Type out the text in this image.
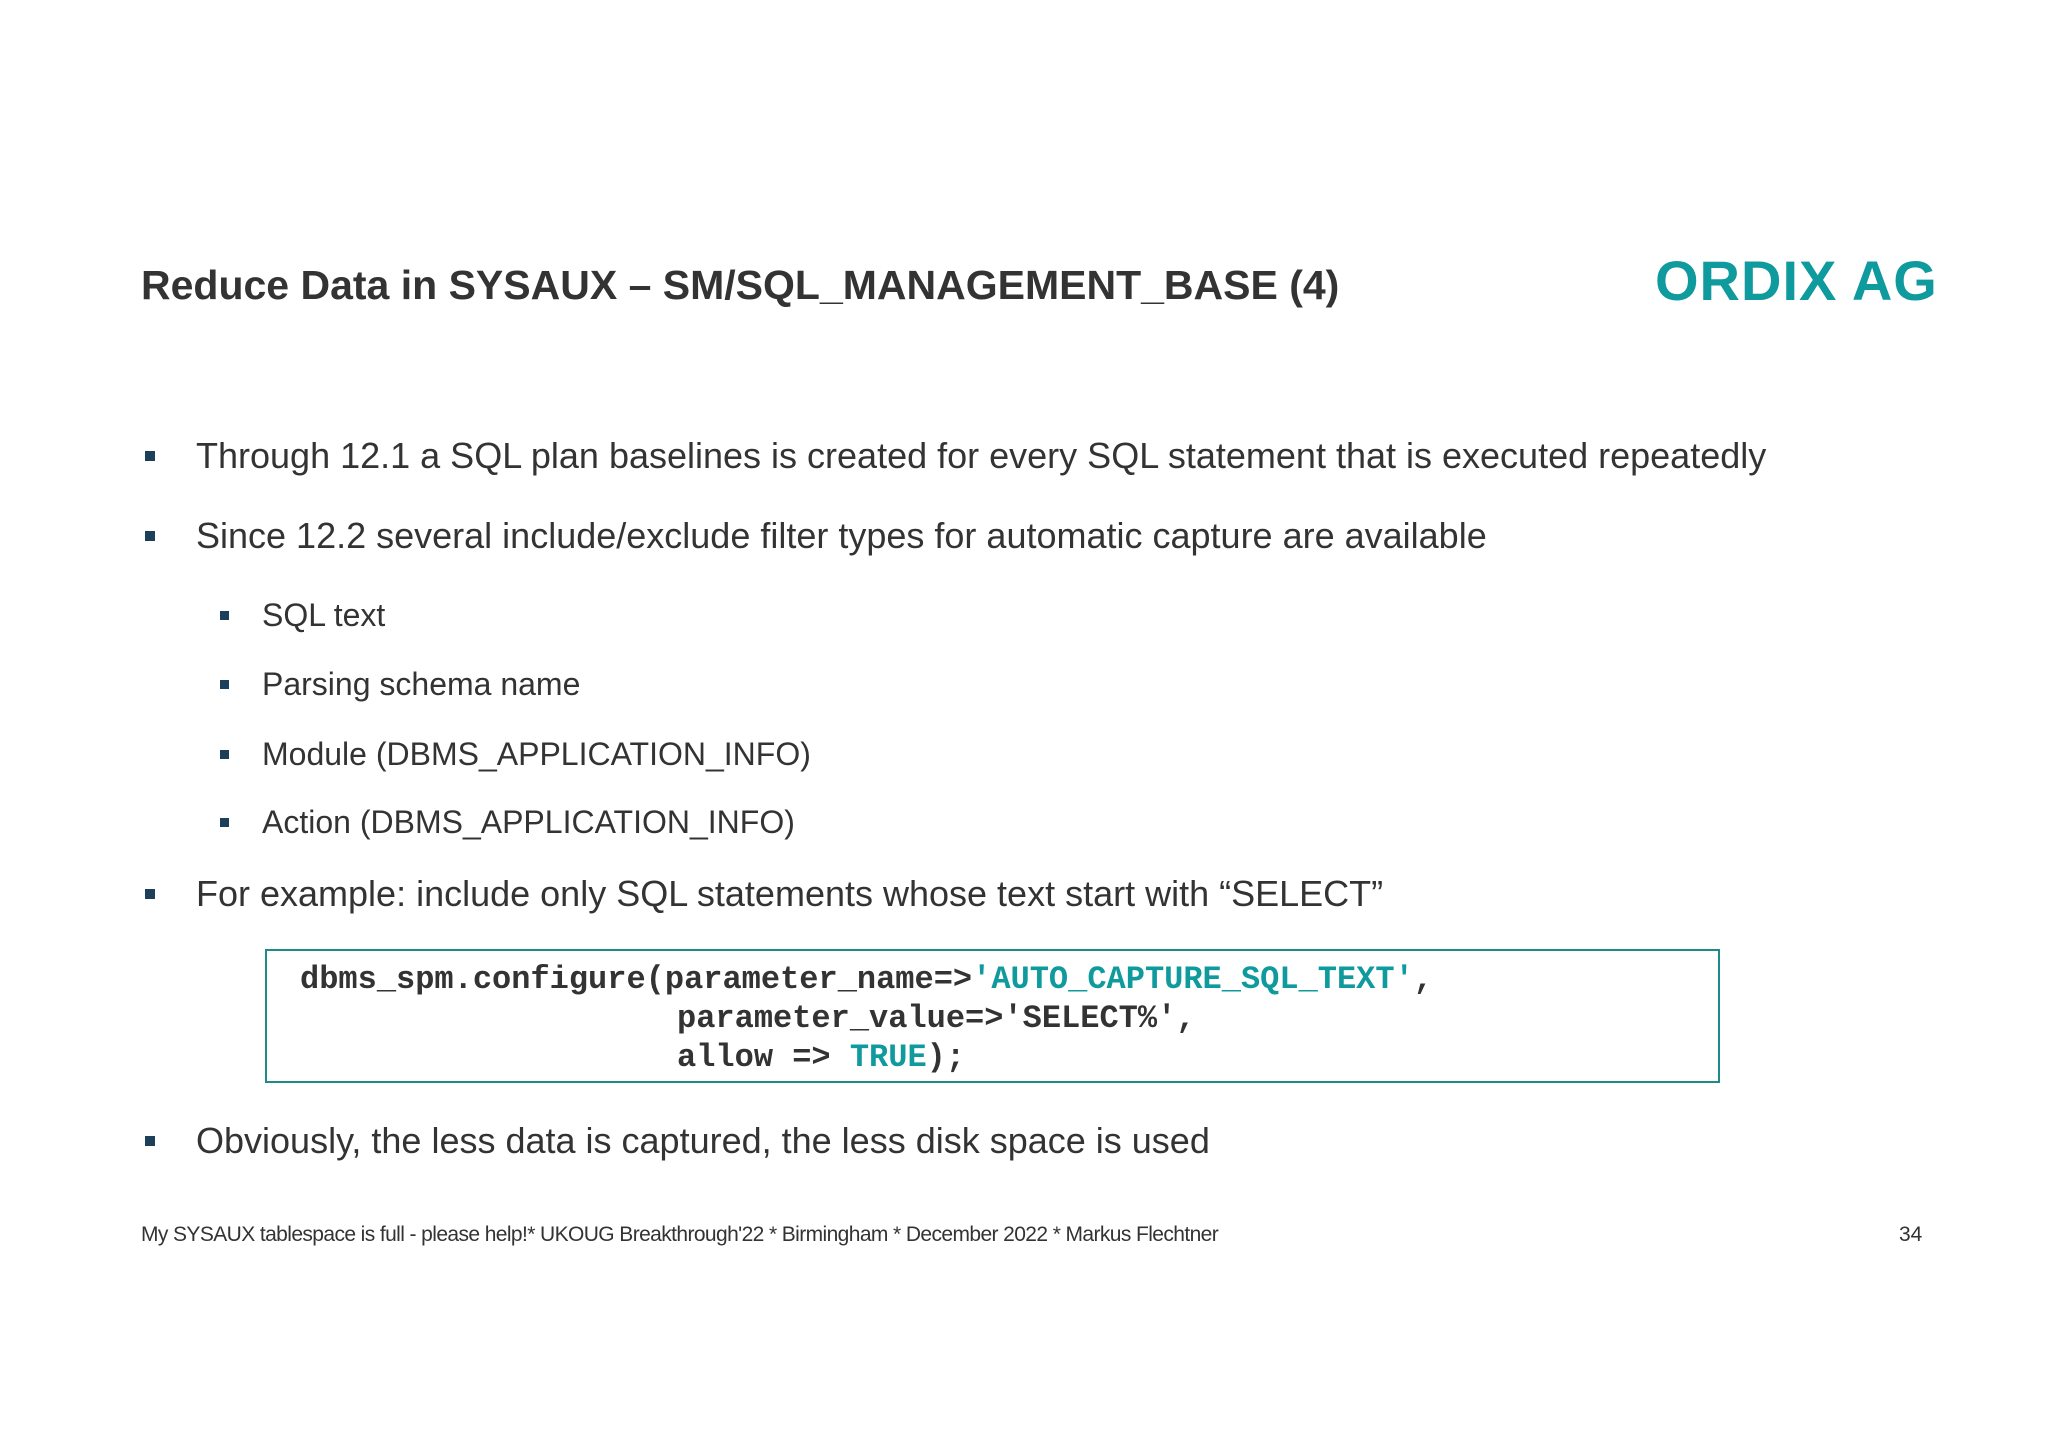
Reduce Data in SYSAUX – SM/SQL_MANAGEMENT_BASE (4)	ORDIX AG
Through 12.1 a SQL plan baselines is created for every SQL statement that is executed repeatedly
Since 12.2 several include/exclude filter types for automatic capture are available
SQL text
Parsing schema name
Module (DBMS_APPLICATION_INFO)
Action (DBMS_APPLICATION_INFO)
For example: include only SQL statements whose text start with “SELECT”
dbms_spm.configure(parameter_name=>'AUTO_CAPTURE_SQL_TEXT',
parameter_value=>'SELECT%',
allow => TRUE);
Obviously, the less data is captured, the less disk space is used
My SYSAUX tablespace is full - please help!* UKOUG Breakthrough'22 * Birmingham * December 2022 * Markus Flechtner	34
